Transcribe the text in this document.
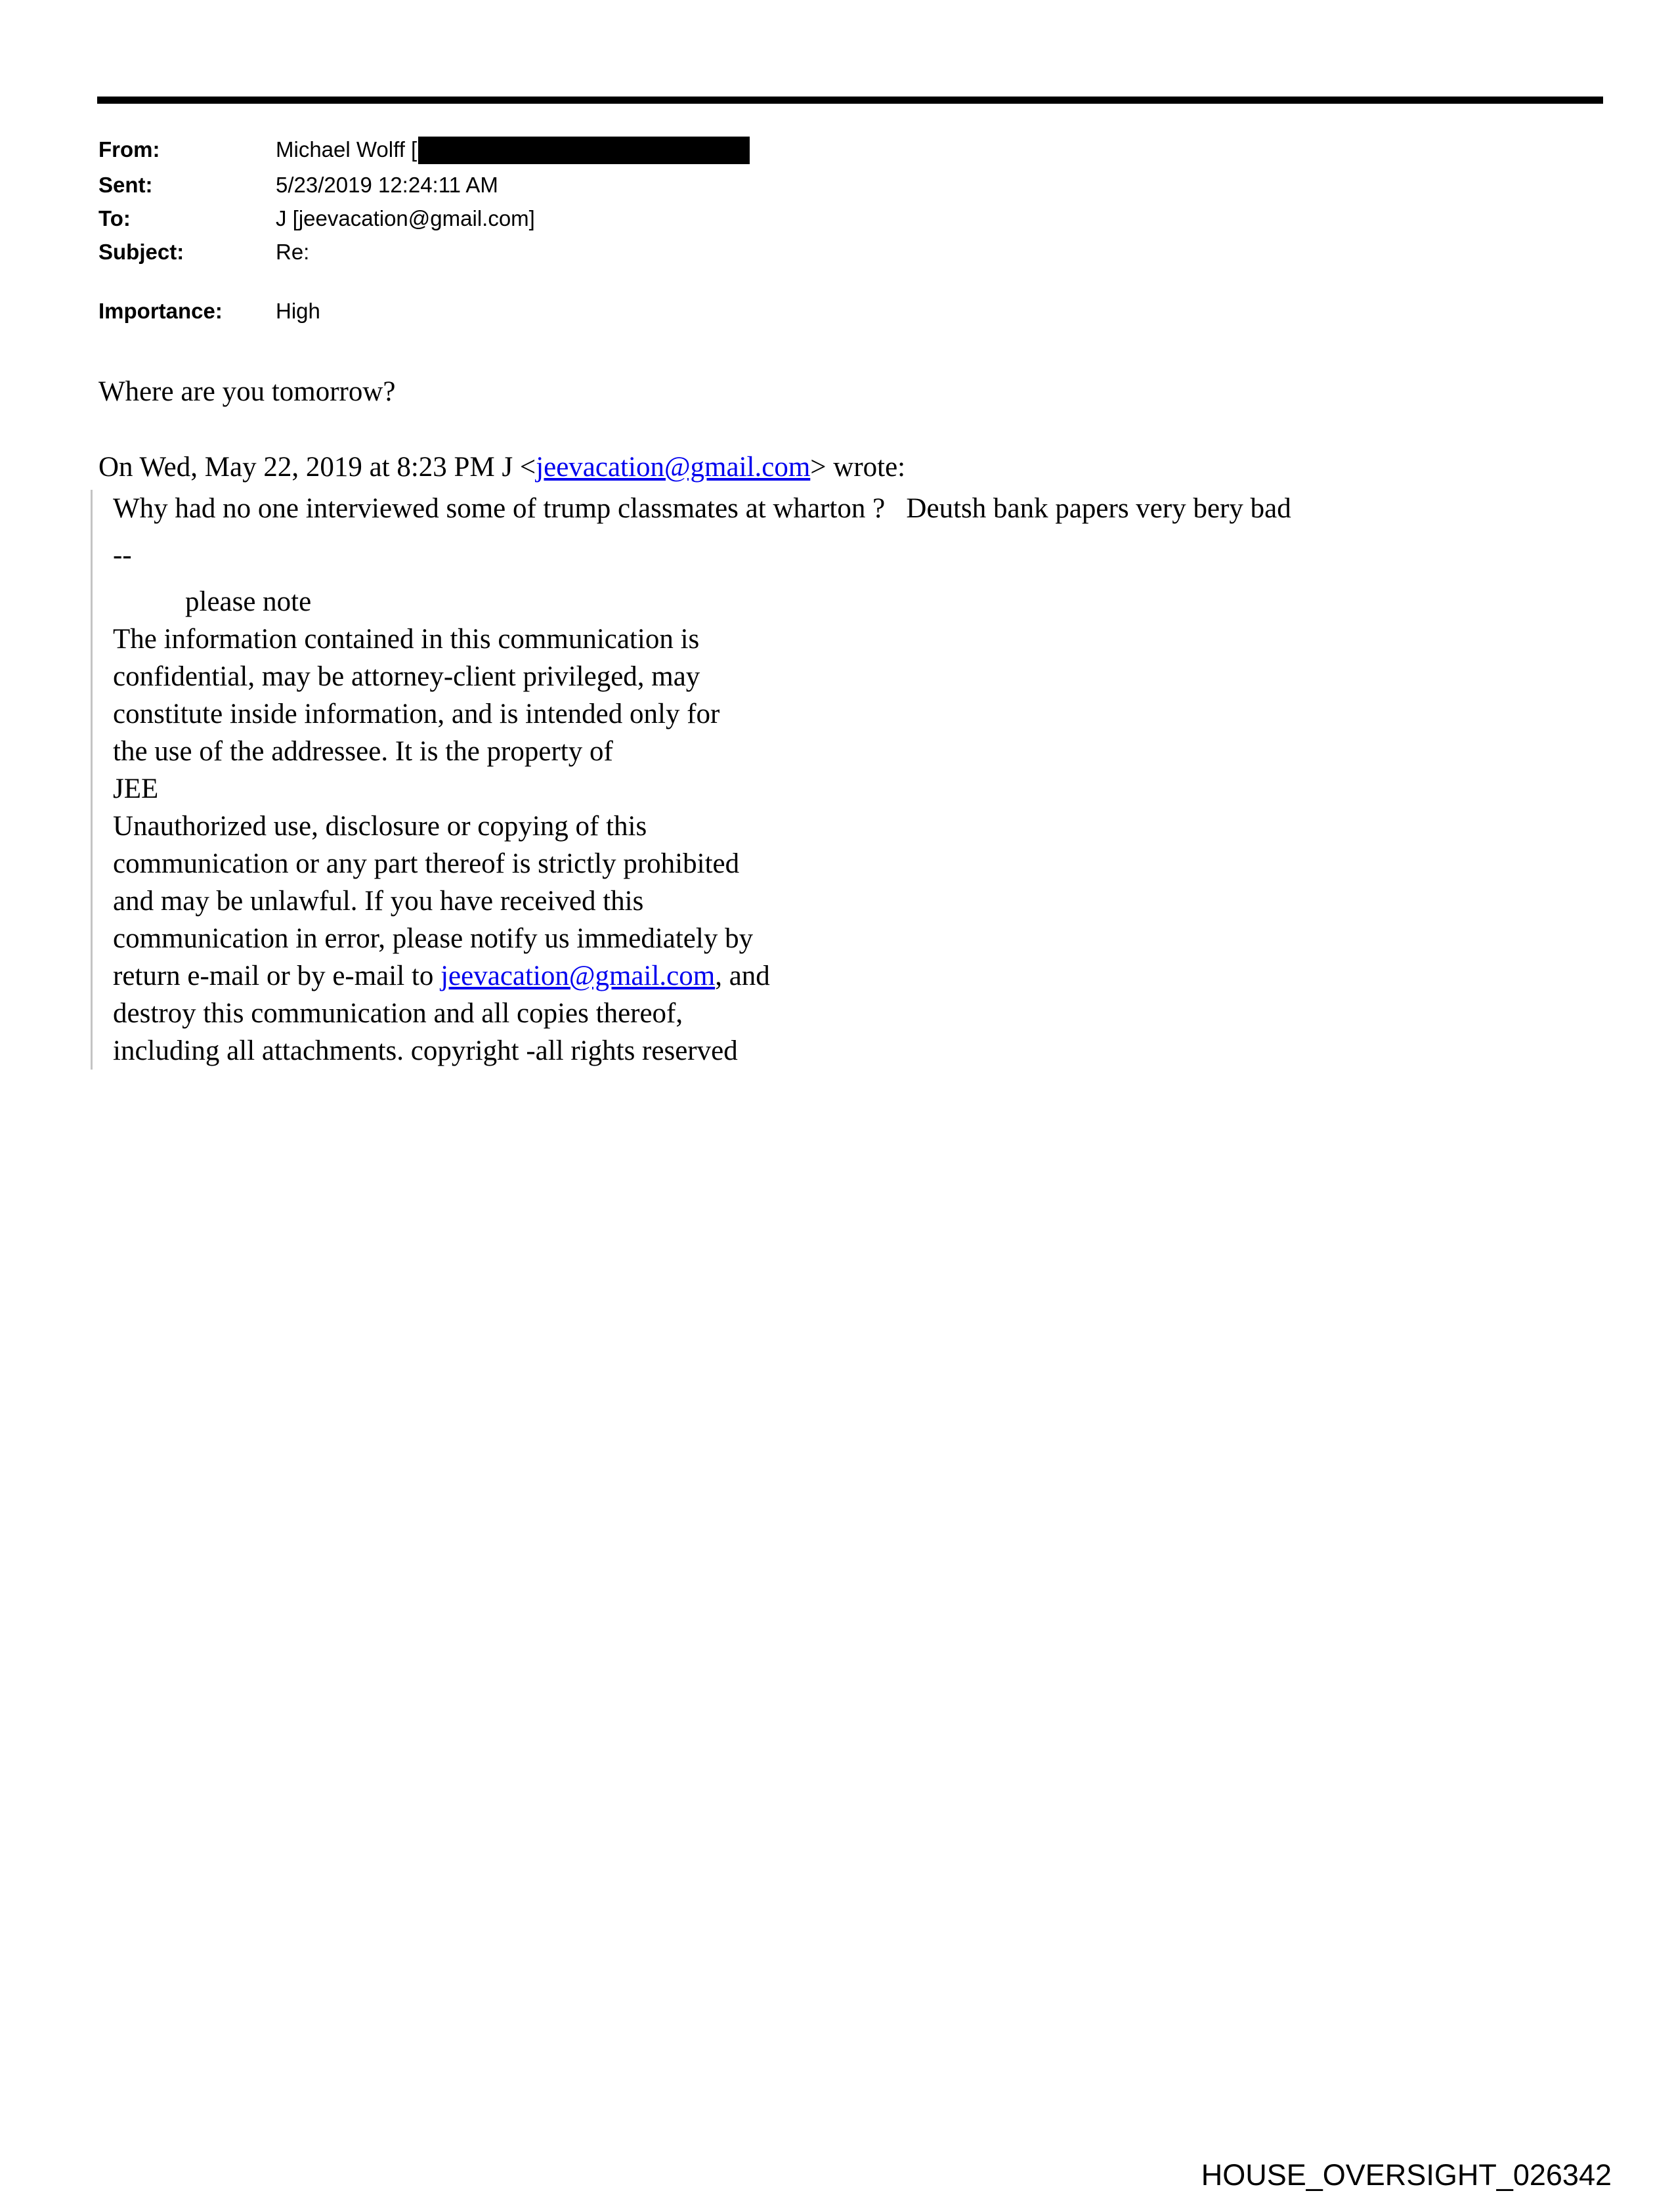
From:	Michael Wolff [
Sent:	5/23/2019 12:24:11 AM
To:	J [jeevacation@gmail.com]
Subject:	Re:
Importance:	High
Where are you tomorrow?
On Wed, May 22, 2019 at 8:23 PM J <jeevacation@gmail.com> wrote:
Why had no one interviewed some of trump classmates at wharton ?   Deutsh bank papers very bery bad
--
please note
The information contained in this communication is
confidential, may be attorney-client privileged, may
constitute inside information, and is intended only for
the use of the addressee. It is the property of
JEE
Unauthorized use, disclosure or copying of this
communication or any part thereof is strictly prohibited
and may be unlawful. If you have received this
communication in error, please notify us immediately by
return e-mail or by e-mail to jeevacation@gmail.com, and
destroy this communication and all copies thereof,
including all attachments. copyright -all rights reserved
HOUSE_OVERSIGHT_026342
